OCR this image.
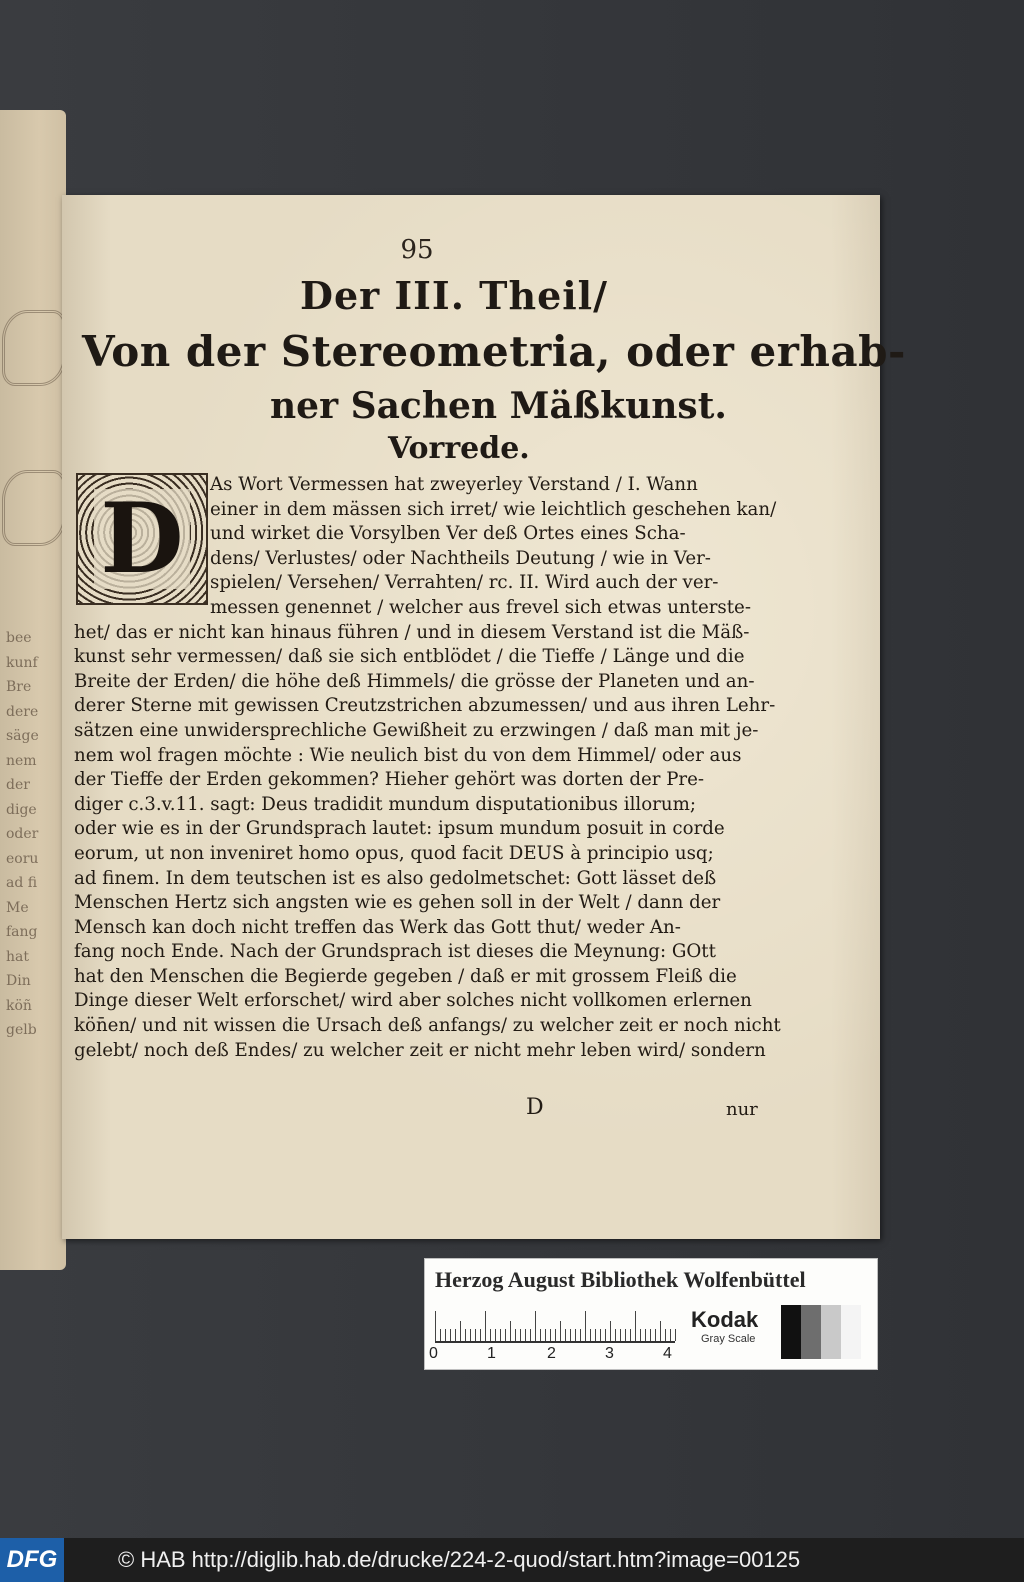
bee
kunf
Bre
dere
säge
nem
der
dige
oder
eoru
ad fi
Me
fang
hat
Din
köñ
gelb
95
Der III. Theil/
Von der Stereometria, oder erhab-
ner Sachen Mäßkunst.
Vorrede.
As Wort Vermessen hat zweyerley Verstand / I. Wann
einer in dem mässen sich irret/ wie leichtlich geschehen kan/
und wirket die Vorsylben Ver deß Ortes eines Scha-
dens/ Verlustes/ oder Nachtheils Deutung / wie in Ver-
spielen/ Versehen/ Verrahten/ rc. II. Wird auch der ver-
messen genennet / welcher aus frevel sich etwas unterste-
het/ das er nicht kan hinaus führen / und in diesem Verstand ist die Mäß-
kunst sehr vermessen/ daß sie sich entblödet / die Tieffe / Länge und die
Breite der Erden/ die höhe deß Himmels/ die grösse der Planeten und an-
derer Sterne mit gewissen Creutzstrichen abzumessen/ und aus ihren Lehr-
sätzen eine unwidersprechliche Gewißheit zu erzwingen / daß man mit je-
nem wol fragen möchte : Wie neulich bist du von dem Himmel/ oder aus
der Tieffe der Erden gekommen? Hieher gehört was dorten der Pre-
diger c.3.v.11. sagt: Deus tradidit mundum disputationibus illorum;
oder wie es in der Grundsprach lautet: ipsum mundum posuit in corde
eorum, ut non inveniret homo opus, quod facit DEUS à principio usq;
ad finem. In dem teutschen ist es also gedolmetschet: Gott lässet deß
Menschen Hertz sich angsten wie es gehen soll in der Welt / dann der
Mensch kan doch nicht treffen das Werk das Gott thut/ weder An-
fang noch Ende. Nach der Grundsprach ist dieses die Meynung: GOtt
hat den Menschen die Begierde gegeben / daß er mit grossem Fleiß die
Dinge dieser Welt erforschet/ wird aber solches nicht vollkomen erlernen
kön̄en/ und nit wissen die Ursach deß anfangs/ zu welcher zeit er noch nicht
gelebt/ noch deß Endes/ zu welcher zeit er nicht mehr leben wird/ sondern
D
D	nur
Herzog August Bibliothek Wolfenbüttel
0	1	2	3	4
Kodak
Gray Scale
DFG	© HAB http://diglib.hab.de/drucke/224-2-quod/start.htm?image=00125
